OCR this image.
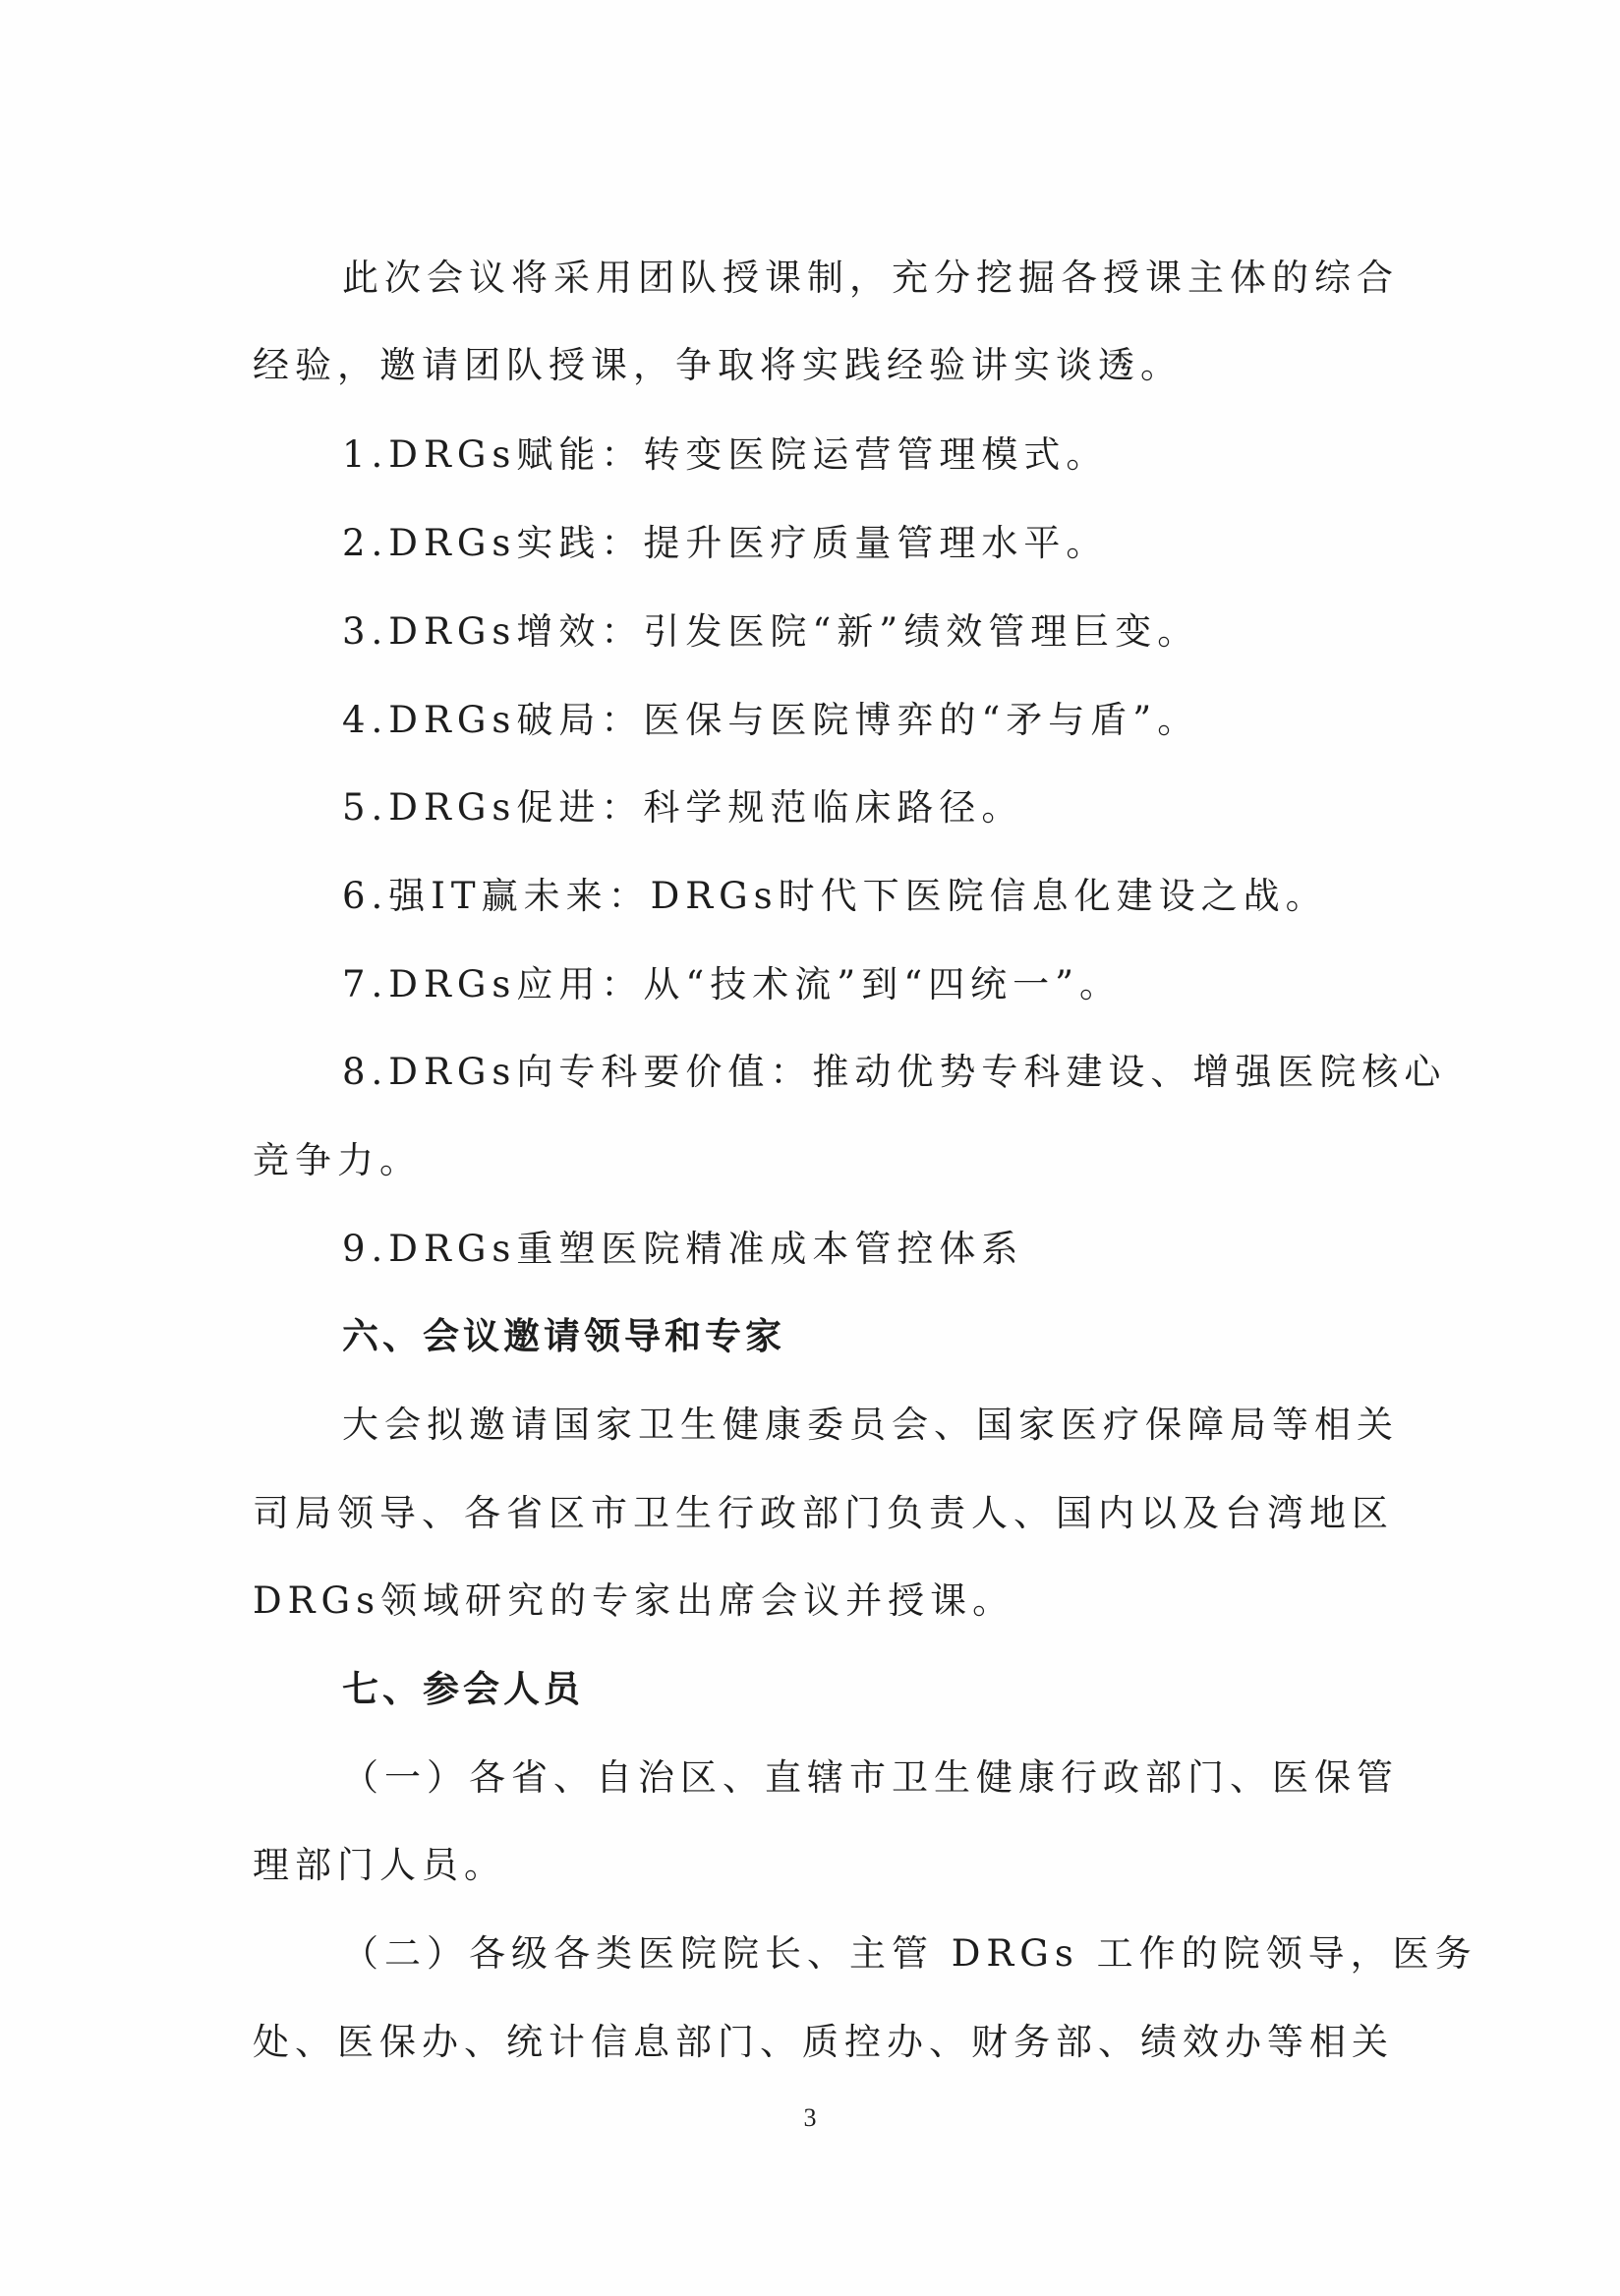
此次会议将采用团队授课制，充分挖掘各授课主体的综合
经验，邀请团队授课，争取将实践经验讲实谈透。
1.DRGs赋能：转变医院运营管理模式。
2.DRGs实践：提升医疗质量管理水平。
3.DRGs增效：引发医院“新”绩效管理巨变。
4.DRGs破局：医保与医院博弈的“矛与盾”。
5.DRGs促进：科学规范临床路径。
6.强IT赢未来：DRGs时代下医院信息化建设之战。
7.DRGs应用：从“技术流”到“四统一”。
8.DRGs向专科要价值：推动优势专科建设、增强医院核心
竞争力。
9.DRGs重塑医院精准成本管控体系
六、会议邀请领导和专家
大会拟邀请国家卫生健康委员会、国家医疗保障局等相关
司局领导、各省区市卫生行政部门负责人、国内以及台湾地区
DRGs领域研究的专家出席会议并授课。
七、参会人员
（一）各省、自治区、直辖市卫生健康行政部门、医保管
理部门人员。
（二）各级各类医院院长、主管 DRGs 工作的院领导，医务
处、医保办、统计信息部门、质控办、财务部、绩效办等相关
3
